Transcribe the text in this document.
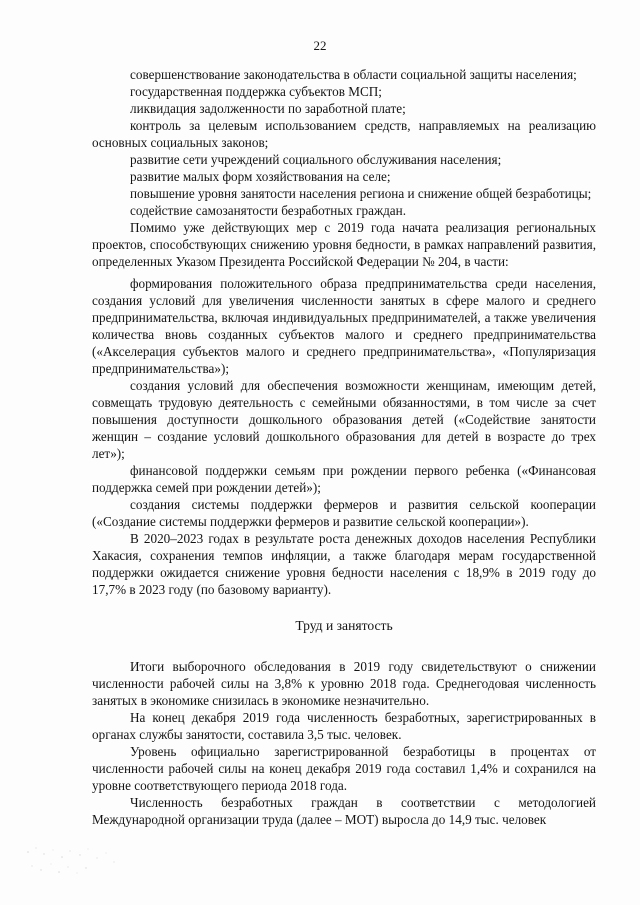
22

совершенствование законодательства в области социальной защиты населения;

государственная поддержка субъектов МСП;

ликвидация задолженности по заработной плате;

контроль за целевым использованием средств, направляемых на реализацию основных социальных законов;

развитие сети учреждений социального обслуживания населения;

развитие малых форм хозяйствования на селе;

повышение уровня занятости населения региона и снижение общей безработицы;

содействие самозанятости безработных граждан.

Помимо уже действующих мер с 2019 года начата реализация региональных проектов, способствующих снижению уровня бедности, в рамках направлений развития, определенных Указом Президента Российской Федерации № 204, в части:

формирования положительного образа предпринимательства среди населения, создания условий для увеличения численности занятых в сфере малого и среднего предпринимательства, включая индивидуальных предпринимателей, а также увеличения количества вновь созданных субъектов малого и среднего предпринимательства («Акселерация субъектов малого и среднего предпринимательства», «Популяризация предпринимательства»);

создания условий для обеспечения возможности женщинам, имеющим детей, совмещать трудовую деятельность с семейными обязанностями, в том числе за счет повышения доступности дошкольного образования детей («Содействие занятости женщин – создание условий дошкольного образования для детей в возрасте до трех лет»);

финансовой поддержки семьям при рождении первого ребенка («Финансовая поддержка семей при рождении детей»);

создания системы поддержки фермеров и развития сельской кооперации («Создание системы поддержки фермеров и развитие сельской кооперации»).

В 2020–2023 годах в результате роста денежных доходов населения Республики Хакасия, сохранения темпов инфляции, а также благодаря мерам государственной поддержки ожидается снижение уровня бедности населения с 18,9% в 2019 году до 17,7% в 2023 году (по базовому варианту).

Труд и занятость

Итоги выборочного обследования в 2019 году свидетельствуют о снижении численности рабочей силы на 3,8% к уровню 2018 года. Среднегодовая численность занятых в экономике снизилась в экономике незначительно.

На конец декабря 2019 года численность безработных, зарегистрированных в органах службы занятости, составила 3,5 тыс. человек.

Уровень официально зарегистрированной безработицы в процентах от численности рабочей силы на конец декабря 2019 года составил 1,4% и сохранился на уровне соответствующего периода 2018 года.

Численность безработных граждан в соответствии с методологией Международной организации труда (далее – МОТ) выросла до 14,9 тыс. человек
